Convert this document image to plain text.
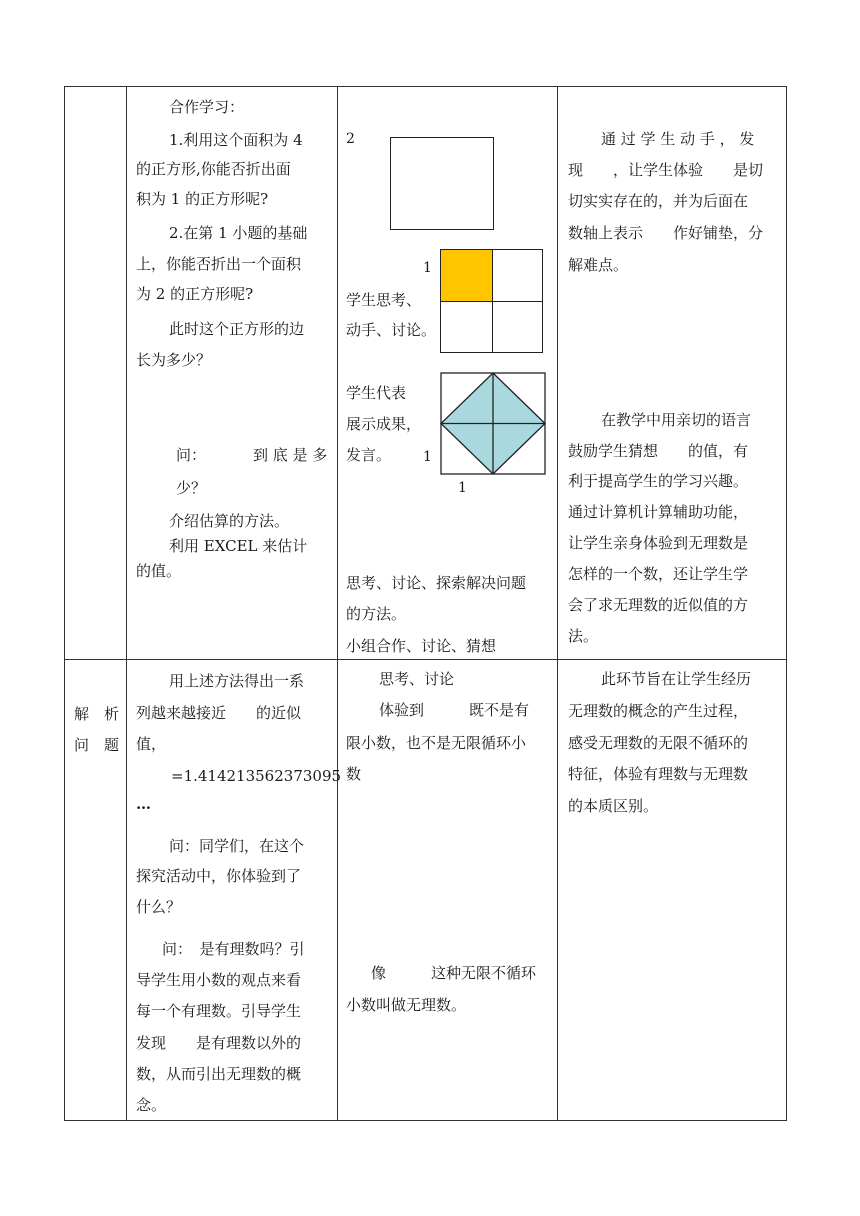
合作学习：
1.利用这个面积为 4
的正方形,你能否折出面
积为 1 的正方形呢?
2.在第 1 小题的基础
上，你能否折出一个面积
为 2 的正方形呢?
此时这个正方形的边
长为多少？
问：	到 底 是 多
少？
介绍估算的方法。
利用 EXCEL 来估计
的值。
2
1
学生思考、
动手、讨论。
学生代表
展示成果，
发言。 1
1
思考、讨论、探索解决问题
的方法。
小组合作、讨论、猜想
通 过 学 生 动 手 ， 发
现　　，让学生体验　　是切
切实实存在的，并为后面在
数轴上表示　　作好铺垫，分
解难点。
在教学中用亲切的语言
鼓励学生猜想　　的值，有
利于提高学生的学习兴趣。
通过计算机计算辅助功能，
让学生亲身体验到无理数是
怎样的一个数，还让学生学
会了求无理数的近似值的方
法。
解　析
问　题
用上述方法得出一系
列越来越接近　　的近似
值，
=1.414213562373095
…
问：同学们，在这个
探究活动中，你体验到了
什么？
问：　是有理数吗？引
导学生用小数的观点来看
每一个有理数。引导学生
发现　　是有理数以外的
数，从而引出无理数的概
念。
思考、讨论
体验到　　　既不是有
限小数，也不是无限循环小
数
像　　　这种无限不循环
小数叫做无理数。
此环节旨在让学生经历
无理数的概念的产生过程，
感受无理数的无限不循环的
特征，体验有理数与无理数
的本质区别。
